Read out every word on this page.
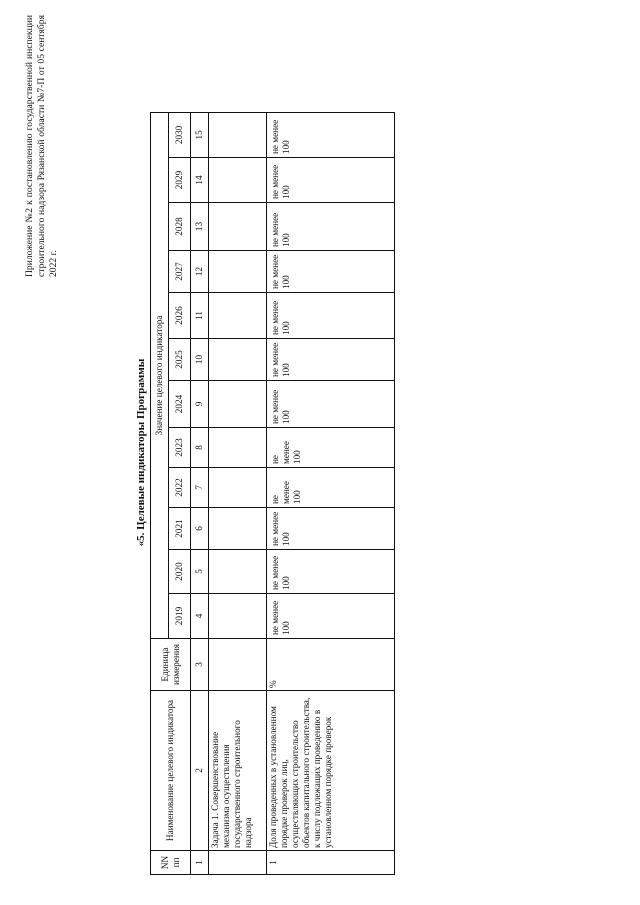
Приложение №2 к постановлению государственной инспекции строительного надзора Рязанской области №7-П от 05 сентября 2022 г.
«5. Целевые индикаторы Программы
NN пп	Наименование целевого индикатора	Единица измерения	Значение целевого индикатора											
			2019	2020	2021	2022	2023	2024	2025	2026	2027	2028	2029	2030
1	2	3	4	5	6	7	8	9	10	11	12	13	14	15
	Задача 1. Совершенствование механизма осуществления государственного строительного надзора													
1	Доля проведенных в установленном порядке проверок лиц, осуществляющих строительство объектов капитального строительства, к числу подлежащих проведению в установленном порядке проверок	%	не менее 100	не менее 100	не менее 100	не менее 100	не менее 100	не менее 100	не менее 100	не менее 100	не менее 100	не менее 100	не менее 100	не менее 100
